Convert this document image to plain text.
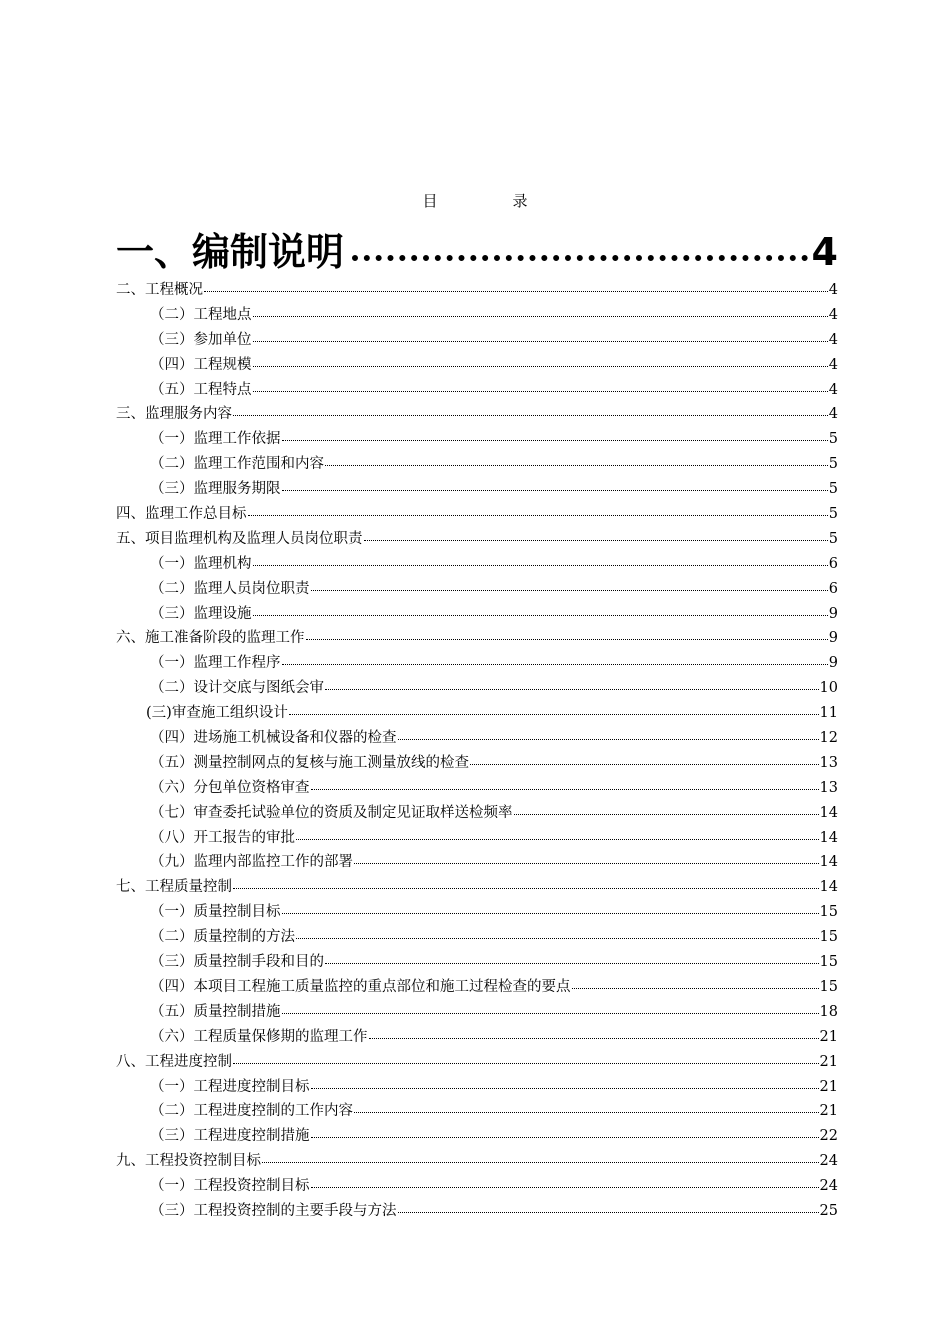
目　录
一、编制说明	4
二、工程概况	4
（二）工程地点	4
（三）参加单位	4
（四）工程规模	4
（五）工程特点	4
三、监理服务内容	4
（一）监理工作依据	5
（二）监理工作范围和内容	5
（三）监理服务期限	5
四、监理工作总目标	5
五、项目监理机构及监理人员岗位职责	5
（一）监理机构	6
（二）监理人员岗位职责	6
（三）监理设施	9
六、施工准备阶段的监理工作	9
（一）监理工作程序	9
（二）设计交底与图纸会审	10
(三)审查施工组织设计	11
（四）进场施工机械设备和仪器的检查	12
（五）测量控制网点的复核与施工测量放线的检查	13
（六）分包单位资格审查	13
（七）审查委托试验单位的资质及制定见证取样送检频率	14
（八）开工报告的审批	14
（九）监理内部监控工作的部署	14
七、工程质量控制	14
（一）质量控制目标	15
（二）质量控制的方法	15
（三）质量控制手段和目的	15
（四）本项目工程施工质量监控的重点部位和施工过程检查的要点	15
（五）质量控制措施	18
（六）工程质量保修期的监理工作	21
八、工程进度控制	21
（一）工程进度控制目标	21
（二）工程进度控制的工作内容	21
（三）工程进度控制措施	22
九、工程投资控制目标	24
（一）工程投资控制目标	24
（三）工程投资控制的主要手段与方法	25
